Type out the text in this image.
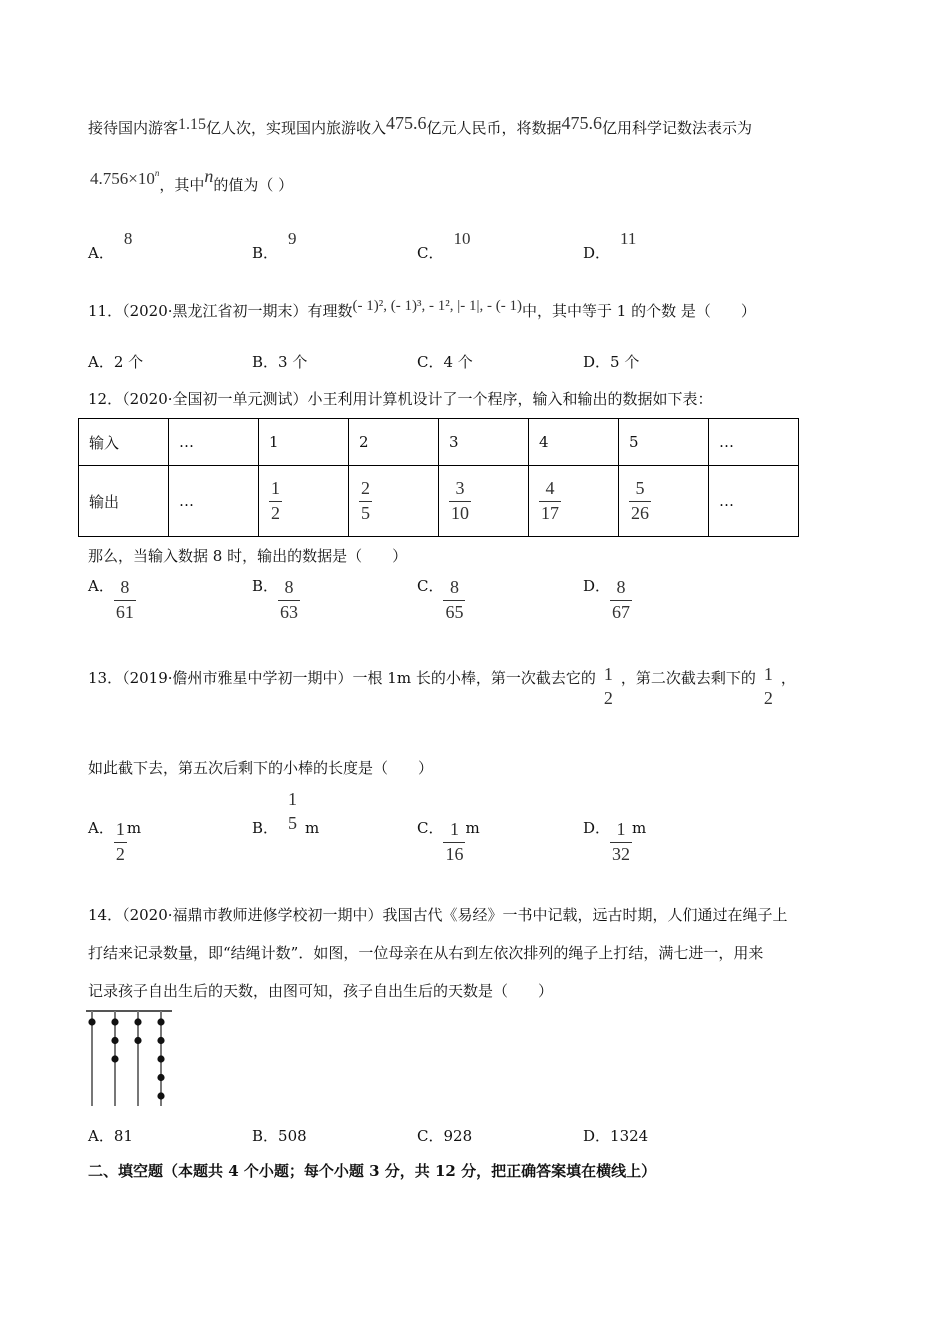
接待国内游客1.15亿人次，实现国内旅游收入475.6亿元人民币，将数据475.6亿用科学记数法表示为
$4.756\times 10^n$，其中n的值为（ ）
A．8
B．9
C．10
D．11
11．（2020·黑龙江省初一期末）有理数(- 1)², (- 1)³, - 1², |- 1|, - (- 1)中，其中等于 1 的个数 是（　　）
A．2 个	B．3 个	C．4 个	D．5 个
12．（2020·全国初一单元测试）小王利用计算机设计了一个程序，输入和输出的数据如下表：
输入	…	1	2	3	4	5	…
输出	…	$\frac{1}{2}$	$\frac{2}{5}$	$\frac{3}{10}$	$\frac{4}{17}$	$\frac{5}{26}$	…
那么，当输入数据 8 时，输出的数据是（　　）
A． $\frac{8}{61}$	B． $\frac{8}{63}$	C． $\frac{8}{65}$	D． $\frac{8}{67}$
13．（2019·儋州市雅星中学初一期中）一根 1m 长的小棒，第一次截去它的 1
2
，第二次截去剩下的 1
2
，
如此截下去，第五次后剩下的小棒的长度是（　　）
A． $\frac{1}{2}$ m	B．
1
5 m	C． $\frac{1}{16}$ m	D． $\frac{1}{32}$ m
14．（2020·福鼎市教师进修学校初一期中）我国古代《易经》一书中记载，远古时期，人们通过在绳子上
打结来记录数量，即“结绳计数”．如图，一位母亲在从右到左依次排列的绳子上打结，满七进一，用来
记录孩子自出生后的天数，由图可知，孩子自出生后的天数是（　　）
A．81	B．508	C．928	D．1324
二、填空题（本题共 4 个小题；每个小题 3 分，共 12 分，把正确答案填在横线上）
